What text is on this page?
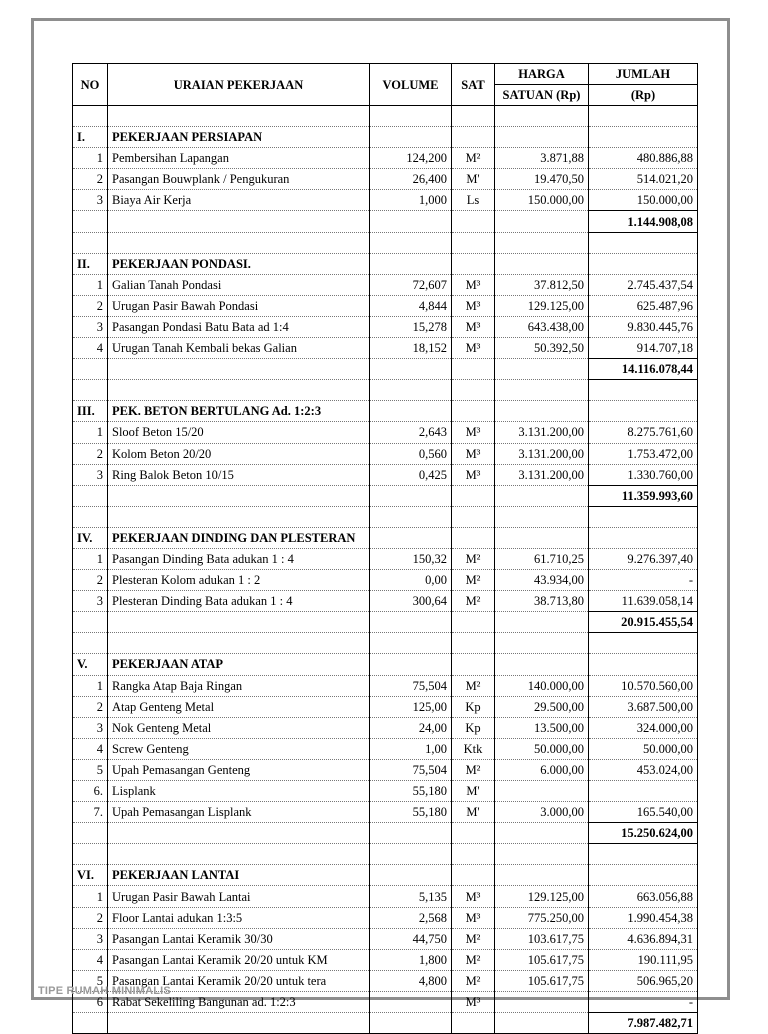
NO	URAIAN PEKERJAAN	VOLUME	SAT	HARGA	JUMLAH
				SATUAN (Rp)	(Rp)

I.	PEKERJAAN PERSIAPAN				
1	Pembersihan Lapangan	124,200	M²	3.871,88	480.886,88
2	Pasangan Bouwplank / Pengukuran	26,400	M'	19.470,50	514.021,20
3	Biaya Air Kerja	1,000	Ls	150.000,00	150.000,00
					1.144.908,08

II.	PEKERJAAN PONDASI.				
1	Galian Tanah Pondasi	72,607	M³	37.812,50	2.745.437,54
2	Urugan Pasir Bawah Pondasi	4,844	M³	129.125,00	625.487,96
3	Pasangan Pondasi Batu Bata ad 1:4	15,278	M³	643.438,00	9.830.445,76
4	Urugan Tanah Kembali bekas Galian	18,152	M³	50.392,50	914.707,18
					14.116.078,44

III.	PEK. BETON BERTULANG Ad. 1:2:3				
1	Sloof Beton 15/20	2,643	M³	3.131.200,00	8.275.761,60
2	Kolom Beton 20/20	0,560	M³	3.131.200,00	1.753.472,00
3	Ring Balok Beton 10/15	0,425	M³	3.131.200,00	1.330.760,00
					11.359.993,60

IV.	PEKERJAAN DINDING DAN PLESTERAN				
1	Pasangan Dinding Bata adukan 1 : 4	150,32	M²	61.710,25	9.276.397,40
2	Plesteran Kolom adukan 1 : 2	0,00	M²	43.934,00	-
3	Plesteran Dinding Bata adukan 1 : 4	300,64	M²	38.713,80	11.639.058,14
					20.915.455,54

V.	PEKERJAAN ATAP				
1	Rangka Atap Baja Ringan	75,504	M²	140.000,00	10.570.560,00
2	Atap Genteng Metal	125,00	Kp	29.500,00	3.687.500,00
3	Nok Genteng Metal	24,00	Kp	13.500,00	324.000,00
4	Screw Genteng	1,00	Ktk	50.000,00	50.000,00
5	Upah Pemasangan Genteng	75,504	M²	6.000,00	453.024,00
6.	Lisplank	55,180	M'		
7.	Upah Pemasangan Lisplank	55,180	M'	3.000,00	165.540,00
					15.250.624,00

VI.	PEKERJAAN LANTAI				
1	Urugan Pasir Bawah Lantai	5,135	M³	129.125,00	663.056,88
2	Floor Lantai adukan 1:3:5	2,568	M³	775.250,00	1.990.454,38
3	Pasangan Lantai Keramik 30/30	44,750	M²	103.617,75	4.636.894,31
4	Pasangan Lantai Keramik 20/20 untuk KM	1,800	M²	105.617,75	190.111,95
5	Pasangan Lantai Keramik 20/20 untuk tera	4,800	M²	105.617,75	506.965,20
6	Rabat Sekeliling Bangunan ad. 1:2:3		M³		-
					7.987.482,71
TIPE RUMAH MINIMALIS
